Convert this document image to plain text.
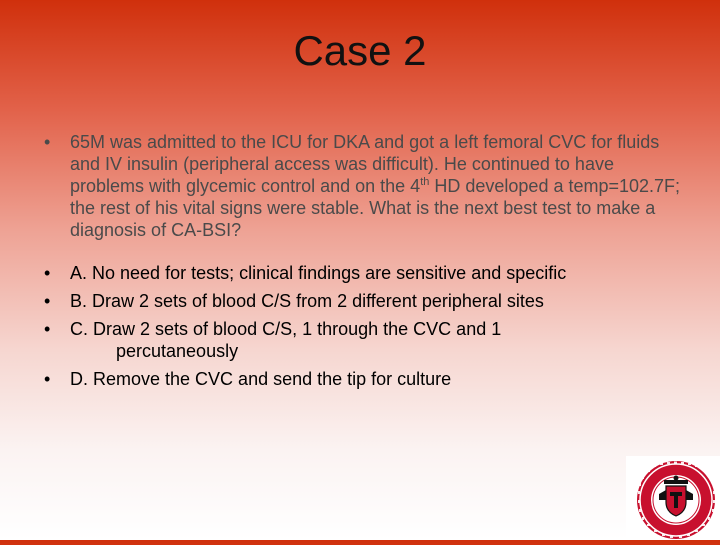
Case 2
• 65M was admitted to the ICU for DKA and got a left femoral CVC for fluids and IV insulin (peripheral access was difficult). He continued to have problems with glycemic control and on the 4th HD developed a temp=102.7F; the rest of his vital signs were stable. What is the next best test to make a diagnosis of CA-BSI?
• A. No need for tests; clinical findings are sensitive and specific
• B. Draw 2 sets of blood C/S from 2 different peripheral sites
• C. Draw 2 sets of blood C/S, 1 through the CVC and 1
percutaneously
• D. Remove the CVC and send the tip for culture
